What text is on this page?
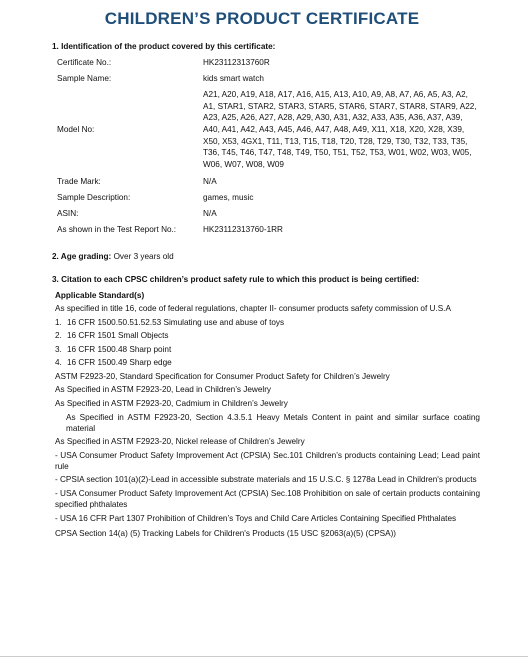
CHILDREN’S PRODUCT CERTIFICATE
1. Identification of the product covered by this certificate:
Certificate No.:	HK23112313760R

Sample Name:	kids smart watch

Model No:	A21, A20, A19, A18, A17, A16, A15, A13, A10, A9, A8, A7, A6, A5, A3, A2, A1, STAR1, STAR2, STAR3, STAR5, STAR6, STAR7, STAR8, STAR9, A22, A23, A25, A26, A27, A28, A29, A30, A31, A32, A33, A35, A36, A37, A39, A40, A41, A42, A43, A45, A46, A47, A48, A49, X11, X18, X20, X28, X39, X50, X53, 4GX1, T11, T13, T15, T18, T20, T28, T29, T30, T32, T33, T35, T36, T45, T46, T47, T48, T49, T50, T51, T52, T53, W01, W02, W03, W05, W06, W07, W08, W09

Trade Mark:	N/A

Sample Description:	games, music

ASIN:	N/A

As shown in the Test Report No.:	HK23112313760-1RR
2. Age grading: Over 3 years old
3. Citation to each CPSC children’s product safety rule to which this product is being certified:
Applicable Standard(s)
As specified in title 16, code of federal regulations, chapter II- consumer products safety commission of U.S.A
1. 16 CFR 1500.50.51.52.53 Simulating use and abuse of toys
2. 16 CFR 1501 Small Objects
3. 16 CFR 1500.48 Sharp point
4. 16 CFR 1500.49 Sharp edge
ASTM F2923-20, Standard Specification for Consumer Product Safety for Children’s Jewelry
As Specified in ASTM F2923-20, Lead in Children’s Jewelry
As Specified in ASTM F2923-20, Cadmium in Children’s Jewelry
As Specified in ASTM F2923-20, Section 4.3.5.1 Heavy Metals Content in paint and similar surface coating material
As Specified in ASTM F2923-20, Nickel release of Children’s Jewelry
- USA Consumer Product Safety Improvement Act (CPSIA) Sec.101 Children’s products containing Lead; Lead paint rule
- CPSIA section 101(a)(2)-Lead in accessible substrate materials and 15 U.S.C. § 1278a Lead in Children's products
- USA Consumer Product Safety Improvement Act (CPSIA) Sec.108 Prohibition on sale of certain products containing specified phthalates
- USA 16 CFR Part 1307 Prohibition of Children’s Toys and Child Care Articles Containing Specified Phthalates
CPSA Section 14(a) (5) Tracking Labels for Children's Products (15 USC §2063(a)(5) (CPSA))
